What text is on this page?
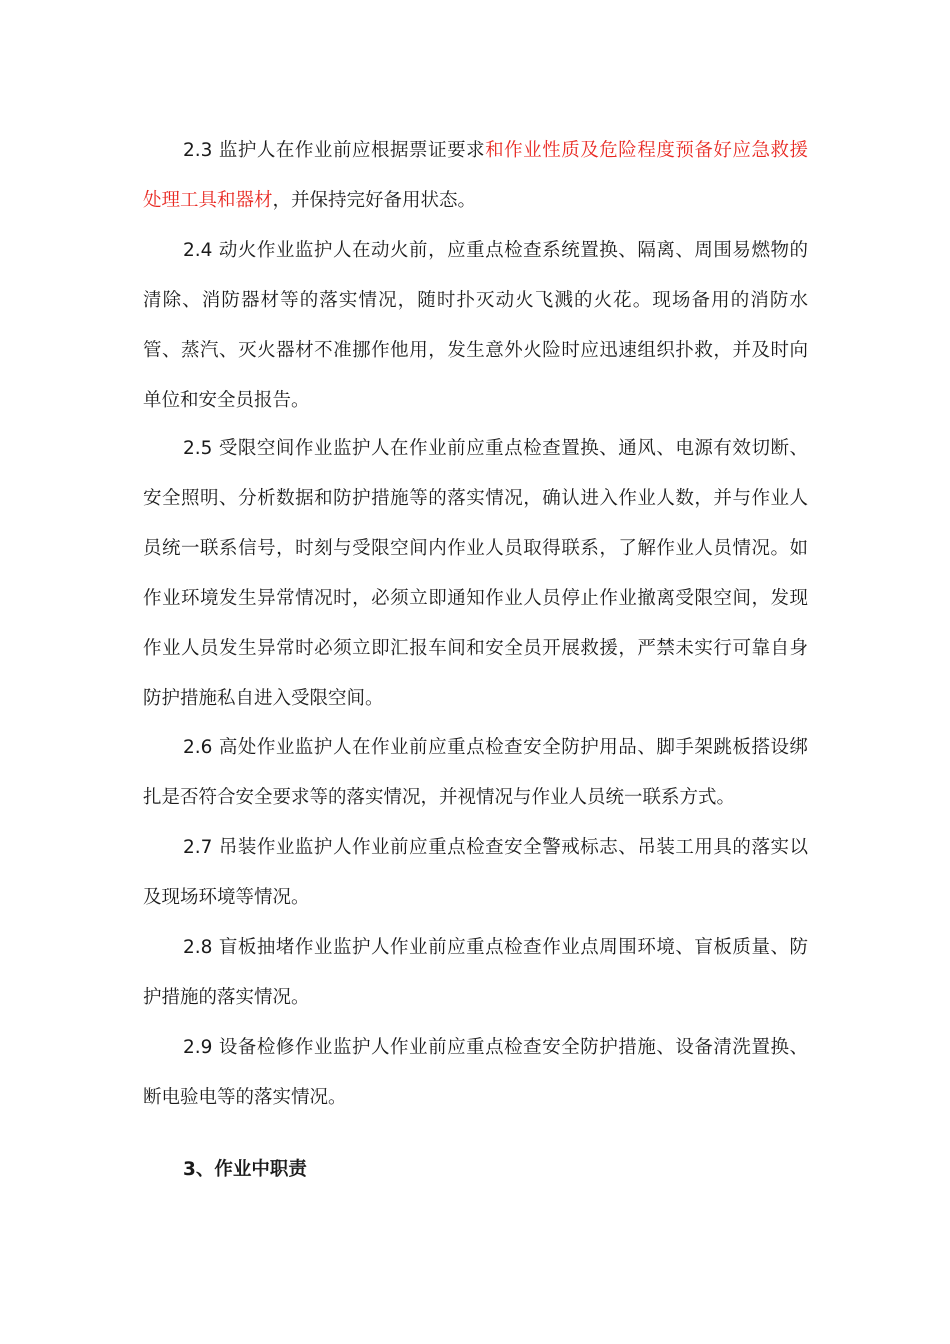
2.3 监护人在作业前应根据票证要求和作业性质及危险程度预备好应急救援处理工具和器材，并保持完好备用状态。

2.4 动火作业监护人在动火前，应重点检查系统置换、隔离、周围易燃物的清除、消防器材等的落实情况，随时扑灭动火飞溅的火花。现场备用的消防水管、蒸汽、灭火器材不准挪作他用，发生意外火险时应迅速组织扑救，并及时向单位和安全员报告。

2.5 受限空间作业监护人在作业前应重点检查置换、通风、电源有效切断、安全照明、分析数据和防护措施等的落实情况，确认进入作业人数，并与作业人员统一联系信号，时刻与受限空间内作业人员取得联系，了解作业人员情况。如作业环境发生异常情况时，必须立即通知作业人员停止作业撤离受限空间，发现作业人员发生异常时必须立即汇报车间和安全员开展救援，严禁未实行可靠自身防护措施私自进入受限空间。

2.6 高处作业监护人在作业前应重点检查安全防护用品、脚手架跳板搭设绑扎是否符合安全要求等的落实情况，并视情况与作业人员统一联系方式。

2.7 吊装作业监护人作业前应重点检查安全警戒标志、吊装工用具的落实以及现场环境等情况。

2.8 盲板抽堵作业监护人作业前应重点检查作业点周围环境、盲板质量、防护措施的落实情况。

2.9 设备检修作业监护人作业前应重点检查安全防护措施、设备清洗置换、断电验电等的落实情况。

3、作业中职责
